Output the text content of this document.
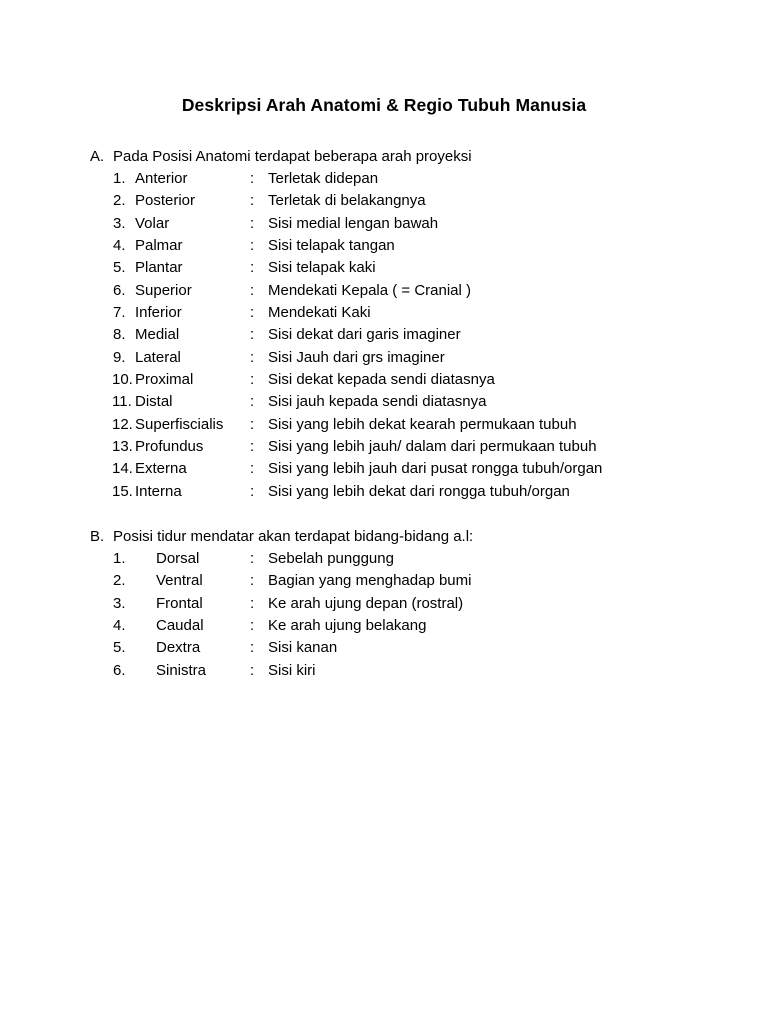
Deskripsi Arah Anatomi & Regio Tubuh Manusia
A. Pada Posisi Anatomi terdapat beberapa arah proyeksi
1. Anterior	: Terletak didepan
2. Posterior	: Terletak di belakangnya
3. Volar	: Sisi medial lengan bawah
4. Palmar	: Sisi telapak tangan
5. Plantar	: Sisi telapak kaki
6. Superior	: Mendekati Kepala ( = Cranial )
7. Inferior	: Mendekati Kaki
8. Medial	: Sisi dekat dari garis imaginer
9. Lateral	: Sisi Jauh dari grs imaginer
10. Proximal	: Sisi dekat kepada sendi diatasnya
11. Distal	: Sisi jauh kepada sendi diatasnya
12. Superfiscialis : Sisi yang lebih dekat kearah permukaan tubuh
13. Profundus	: Sisi yang lebih jauh/ dalam dari permukaan tubuh
14. Externa	: Sisi yang lebih jauh dari pusat rongga tubuh/organ
15. Interna	: Sisi yang lebih dekat dari rongga tubuh/organ
B. Posisi tidur mendatar akan terdapat bidang-bidang a.l:
1. Dorsal	: Sebelah punggung
2. Ventral	: Bagian yang menghadap bumi
3. Frontal	: Ke arah ujung depan (rostral)
4. Caudal	: Ke arah ujung belakang
5. Dextra	: Sisi kanan
6. Sinistra	: Sisi kiri
